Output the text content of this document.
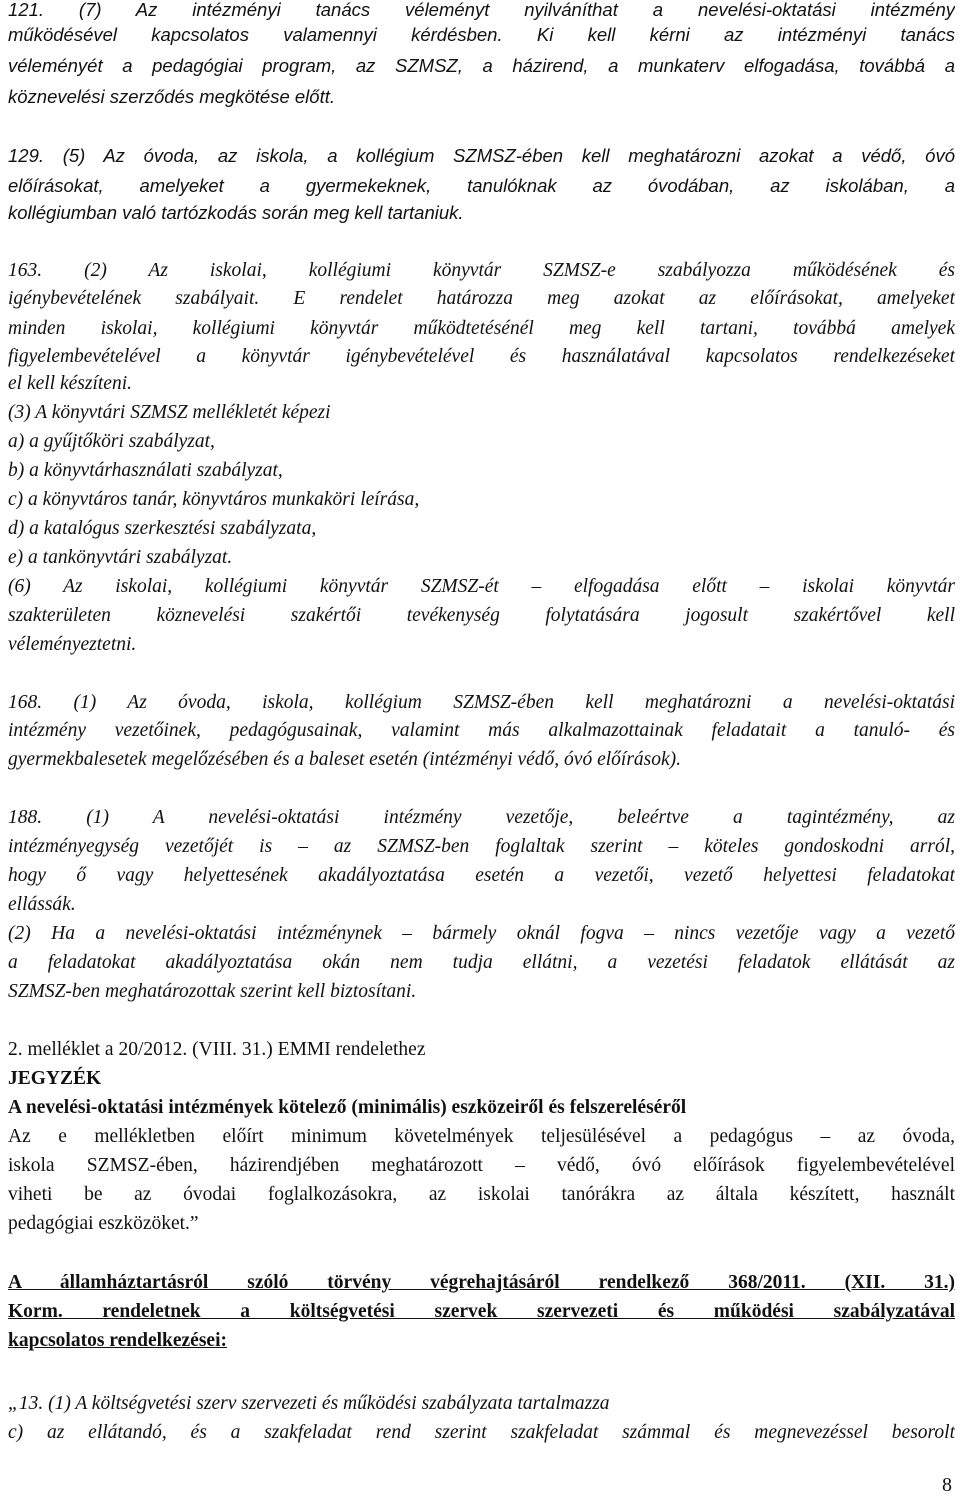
121. (7) Az intézményi tanács véleményt nyilváníthat a nevelési-oktatási intézmény
működésével kapcsolatos valamennyi kérdésben. Ki kell kérni az intézményi tanács
véleményét a pedagógiai program, az SZMSZ, a házirend, a munkaterv elfogadása, továbbá a
köznevelési szerződés megkötése előtt.
129. (5) Az óvoda, az iskola, a kollégium SZMSZ-ében kell meghatározni azokat a védő, óvó
előírásokat, amelyeket a gyermekeknek, tanulóknak az óvodában, az iskolában, a
kollégiumban való tartózkodás során meg kell tartaniuk.
163. (2) Az iskolai, kollégiumi könyvtár SZMSZ-e szabályozza működésének és
igénybevételének szabályait. E rendelet határozza meg azokat az előírásokat, amelyeket
minden iskolai, kollégiumi könyvtár működtetésénél meg kell tartani, továbbá amelyek
figyelembevételével a könyvtár igénybevételével és használatával kapcsolatos rendelkezéseket
el kell készíteni.
(3) A könyvtári SZMSZ mellékletét képezi
a) a gyűjtőköri szabályzat,
b) a könyvtárhasználati szabályzat,
c) a könyvtáros tanár, könyvtáros munkaköri leírása,
d) a katalógus szerkesztési szabályzata,
e) a tankönyvtári szabályzat.
(6) Az iskolai, kollégiumi könyvtár SZMSZ-ét – elfogadása előtt – iskolai könyvtár
szakterületen köznevelési szakértői tevékenység folytatására jogosult szakértővel kell
véleményeztetni.
168. (1) Az óvoda, iskola, kollégium SZMSZ-ében kell meghatározni a nevelési-oktatási
intézmény vezetőinek, pedagógusainak, valamint más alkalmazottainak feladatait a tanuló- és
gyermekbalesetek megelőzésében és a baleset esetén (intézményi védő, óvó előírások).
188. (1) A nevelési-oktatási intézmény vezetője, beleértve a tagintézmény, az
intézményegység vezetőjét is – az SZMSZ-ben foglaltak szerint – köteles gondoskodni arról,
hogy ő vagy helyettesének akadályoztatása esetén a vezetői, vezető helyettesi feladatokat
ellássák.
(2) Ha a nevelési-oktatási intézménynek – bármely oknál fogva – nincs vezetője vagy a vezető
a feladatokat akadályoztatása okán nem tudja ellátni, a vezetési feladatok ellátását az
SZMSZ-ben meghatározottak szerint kell biztosítani.
2. melléklet a 20/2012. (VIII. 31.) EMMI rendelethez
JEGYZÉK
A nevelési-oktatási intézmények kötelező (minimális) eszközeiről és felszereléséről
Az e mellékletben előírt minimum követelmények teljesülésével a pedagógus – az óvoda,
iskola SZMSZ-ében, házirendjében meghatározott – védő, óvó előírások figyelembevételével
viheti be az óvodai foglalkozásokra, az iskolai tanórákra az általa készített, használt
pedagógiai eszközöket.”
A államháztartásról szóló törvény végrehajtásáról rendelkező 368/2011. (XII. 31.)
Korm. rendeletnek a költségvetési szervek szervezeti és működési szabályzatával
kapcsolatos rendelkezései:
„13. (1) A költségvetési szerv szervezeti és működési szabályzata tartalmazza
c) az ellátandó, és a szakfeladat rend szerint szakfeladat számmal és megnevezéssel besorolt
8
